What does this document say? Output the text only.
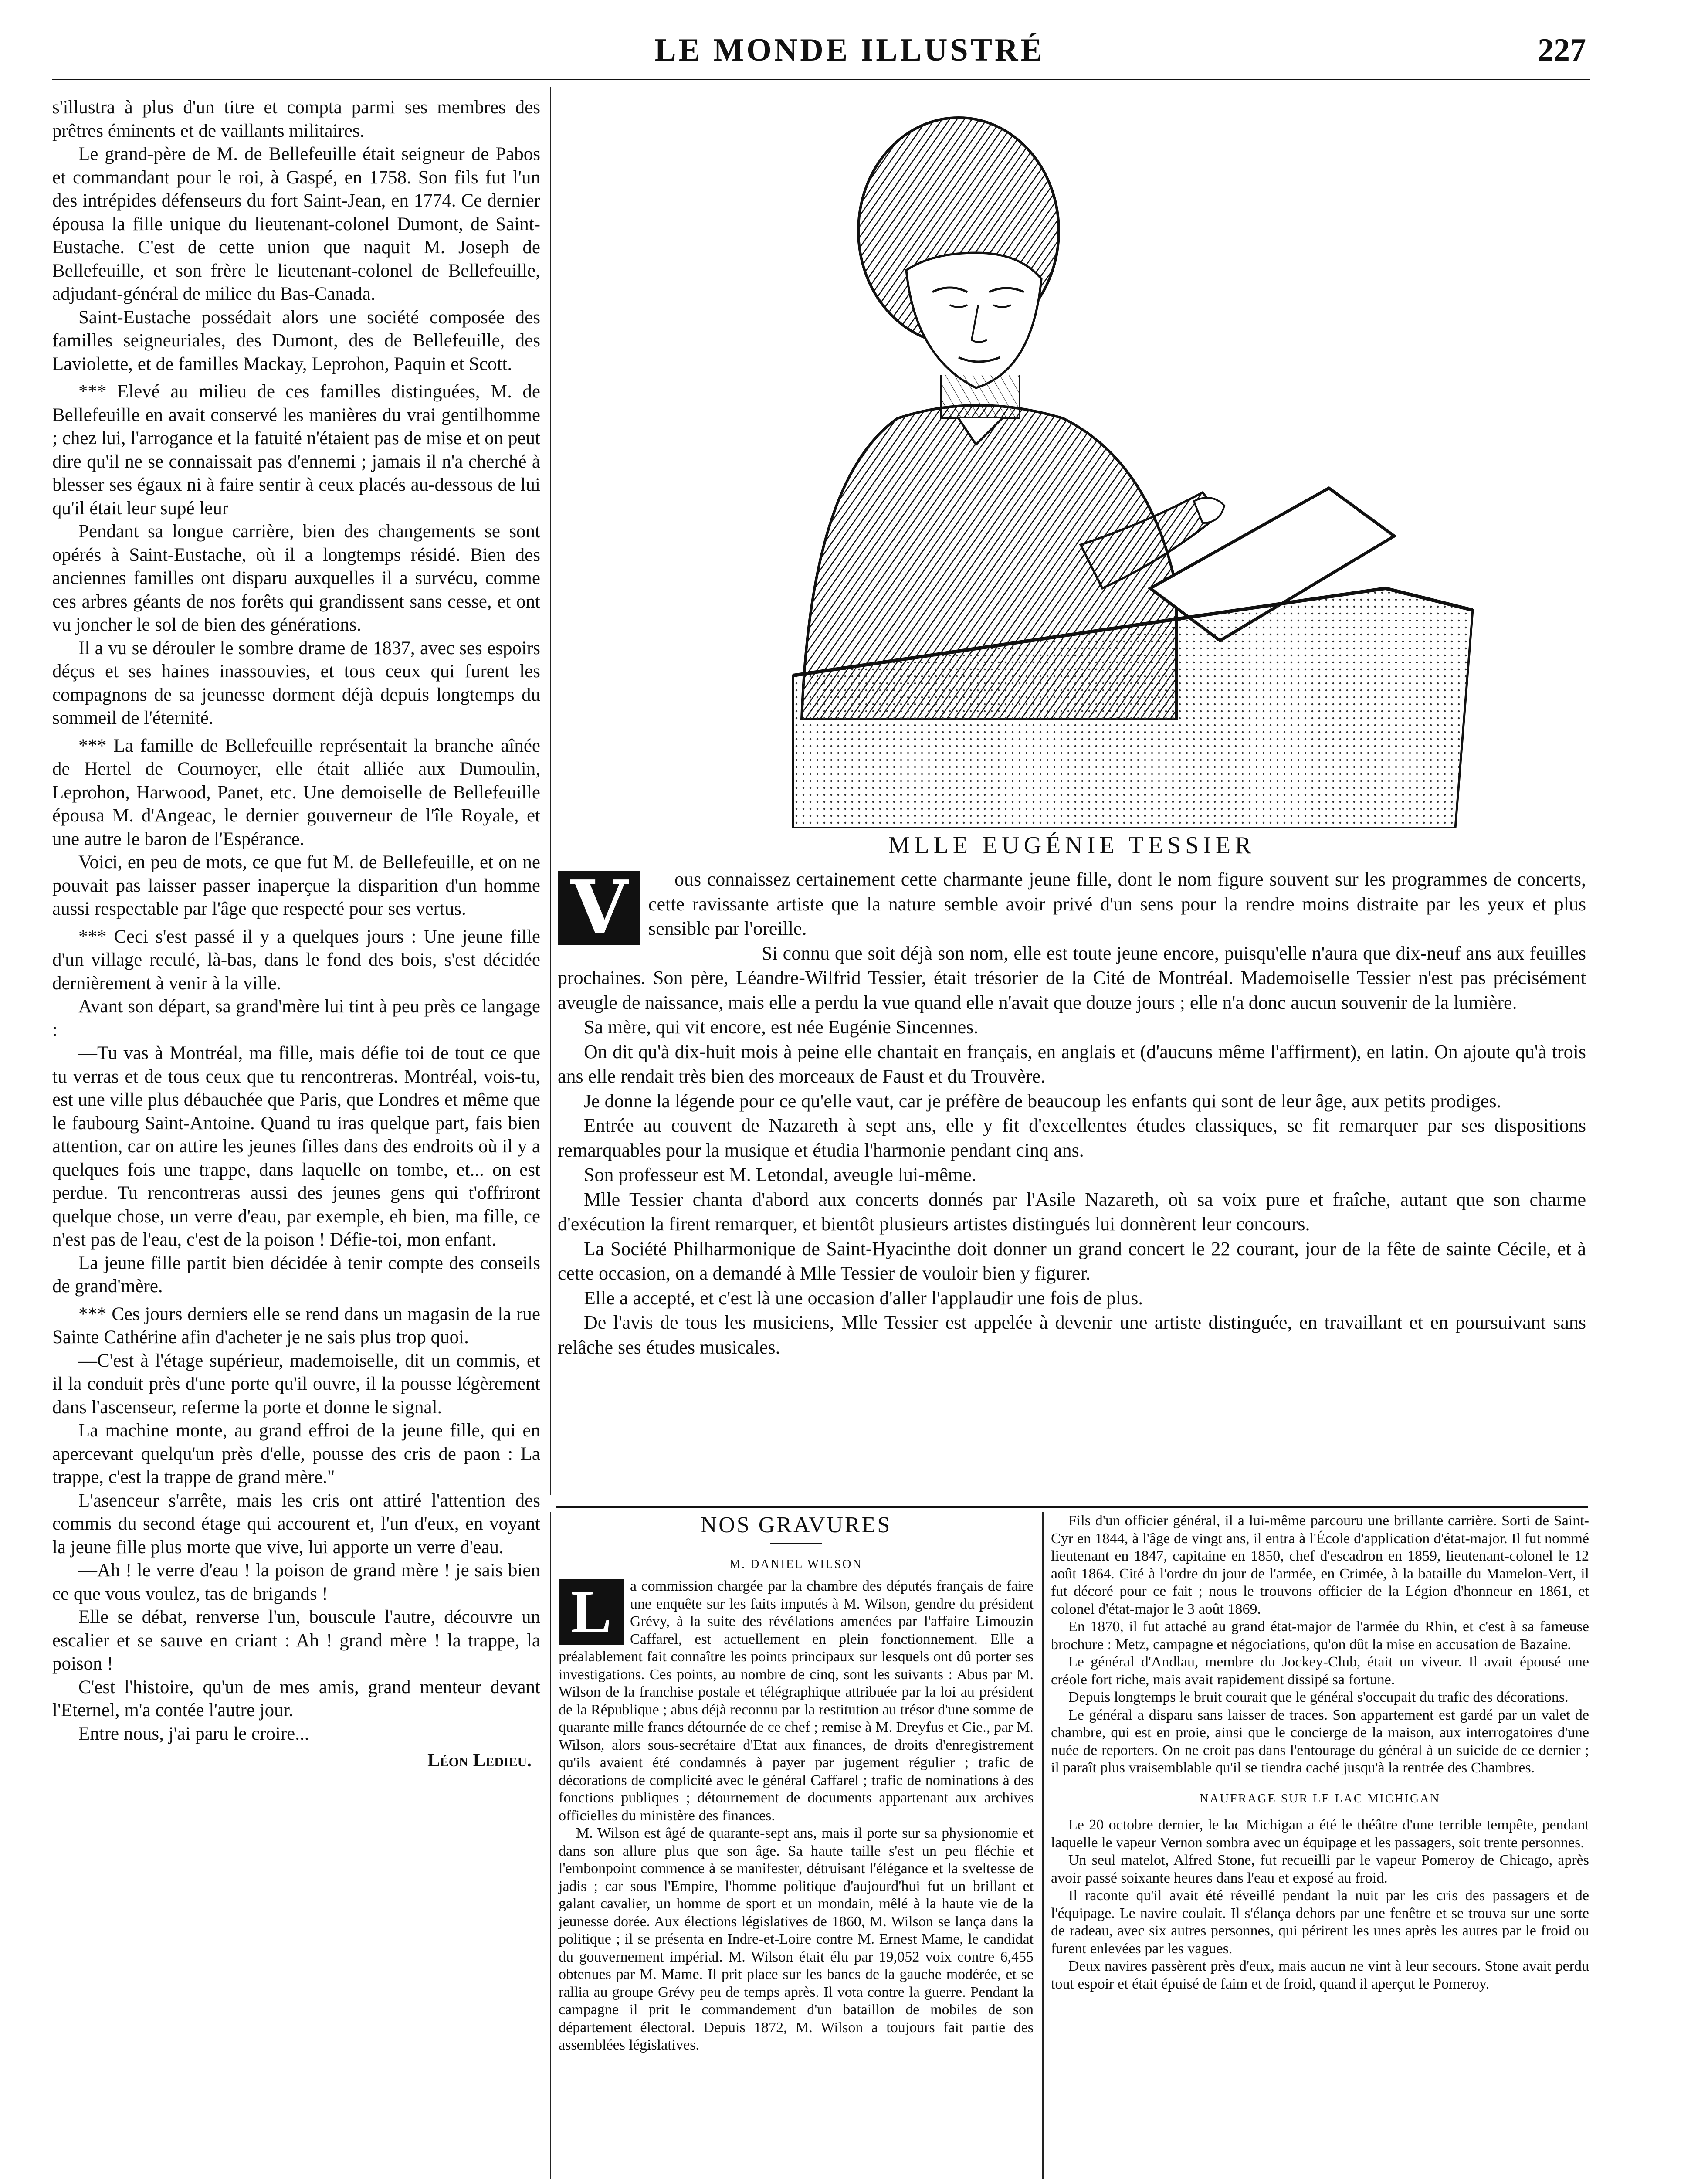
LE MONDE ILLUSTRÉ	227

s'illustra à plus d'un titre et compta parmi ses membres des prêtres éminents et de vaillants militaires.

Le grand-père de M. de Bellefeuille était seigneur de Pabos et commandant pour le roi, à Gaspé, en 1758. Son fils fut l'un des intrépides défenseurs du fort Saint-Jean, en 1774. Ce dernier épousa la fille unique du lieutenant-colonel Dumont, de Saint-Eustache. C'est de cette union que naquit M. Joseph de Bellefeuille, et son frère le lieutenant-colonel de Bellefeuille, adjudant-général de milice du Bas-Canada.

Saint-Eustache possédait alors une société composée des familles seigneuriales, des Dumont, des de Bellefeuille, des Laviolette, et de familles Mackay, Leprohon, Paquin et Scott.

*** Elevé au milieu de ces familles distinguées, M. de Bellefeuille en avait conservé les manières du vrai gentilhomme ; chez lui, l'arrogance et la fatuité n'étaient pas de mise et on peut dire qu'il ne se connaissait pas d'ennemi ; jamais il n'a cherché à blesser ses égaux ni à faire sentir à ceux placés au-dessous de lui qu'il était leur supé leur

Pendant sa longue carrière, bien des changements se sont opérés à Saint-Eustache, où il a longtemps résidé. Bien des anciennes familles ont disparu auxquelles il a survécu, comme ces arbres géants de nos forêts qui grandissent sans cesse, et ont vu joncher le sol de bien des générations.

Il a vu se dérouler le sombre drame de 1837, avec ses espoirs déçus et ses haines inassouvies, et tous ceux qui furent les compagnons de sa jeunesse dorment déjà depuis longtemps du sommeil de l'éternité.

*** La famille de Bellefeuille représentait la branche aînée de Hertel de Cournoyer, elle était alliée aux Dumoulin, Leprohon, Harwood, Panet, etc. Une demoiselle de Bellefeuille épousa M. d'Angeac, le dernier gouverneur de l'île Royale, et une autre le baron de l'Espérance.

Voici, en peu de mots, ce que fut M. de Bellefeuille, et on ne pouvait pas laisser passer inaperçue la disparition d'un homme aussi respectable par l'âge que respecté pour ses vertus.

*** Ceci s'est passé il y a quelques jours : Une jeune fille d'un village reculé, là-bas, dans le fond des bois, s'est décidée dernièrement à venir à la ville.

Avant son départ, sa grand'mère lui tint à peu près ce langage :

—Tu vas à Montréal, ma fille, mais défie toi de tout ce que tu verras et de tous ceux que tu rencontreras. Montréal, vois-tu, est une ville plus débauchée que Paris, que Londres et même que le faubourg Saint-Antoine. Quand tu iras quelque part, fais bien attention, car on attire les jeunes filles dans des endroits où il y a quelques fois une trappe, dans laquelle on tombe, et... on est perdue. Tu rencontreras aussi des jeunes gens qui t'offriront quelque chose, un verre d'eau, par exemple, eh bien, ma fille, ce n'est pas de l'eau, c'est de la poison ! Défie-toi, mon enfant.

La jeune fille partit bien décidée à tenir compte des conseils de grand'mère.

*** Ces jours derniers elle se rend dans un magasin de la rue Sainte Cathérine afin d'acheter je ne sais plus trop quoi.

—C'est à l'étage supérieur, mademoiselle, dit un commis, et il la conduit près d'une porte qu'il ouvre, il la pousse légèrement dans l'ascenseur, referme la porte et donne le signal.

La machine monte, au grand effroi de la jeune fille, qui en apercevant quelqu'un près d'elle, pousse des cris de paon : La trappe, c'est la trappe de grand mère."

L'asenceur s'arrête, mais les cris ont attiré l'attention des commis du second étage qui accourent et, l'un d'eux, en voyant la jeune fille plus morte que vive, lui apporte un verre d'eau.

—Ah ! le verre d'eau ! la poison de grand mère ! je sais bien ce que vous voulez, tas de brigands !

Elle se débat, renverse l'un, bouscule l'autre, découvre un escalier et se sauve en criant : Ah ! grand mère ! la trappe, la poison !

C'est l'histoire, qu'un de mes amis, grand menteur devant l'Eternel, m'a contée l'autre jour.

Entre nous, j'ai paru le croire...

Léon Ledieu.
MLLE EUGÉNIE TESSIER
V	ous connaissez certainement cette charmante jeune fille, dont le nom figure souvent sur les programmes de concerts, cette ravissante artiste que la nature semble avoir privé d'un sens pour la rendre moins distraite par les yeux et plus sensible par l'oreille.

Si connu que soit déjà son nom, elle est toute jeune encore, puisqu'elle n'aura que dix-neuf ans aux feuilles prochaines. Son père, Léandre-Wilfrid Tessier, était trésorier de la Cité de Montréal. Mademoiselle Tessier n'est pas précisément aveugle de naissance, mais elle a perdu la vue quand elle n'avait que douze jours ; elle n'a donc aucun souvenir de la lumière.

Sa mère, qui vit encore, est née Eugénie Sincennes.

On dit qu'à dix-huit mois à peine elle chantait en français, en anglais et (d'aucuns même l'affirment), en latin. On ajoute qu'à trois ans elle rendait très bien des morceaux de Faust et du Trouvère.

Je donne la légende pour ce qu'elle vaut, car je préfère de beaucoup les enfants qui sont de leur âge, aux petits prodiges.

Entrée au couvent de Nazareth à sept ans, elle y fit d'excellentes études classiques, se fit remarquer par ses dispositions remarquables pour la musique et étudia l'harmonie pendant cinq ans.

Son professeur est M. Letondal, aveugle lui-même.

Mlle Tessier chanta d'abord aux concerts donnés par l'Asile Nazareth, où sa voix pure et fraîche, autant que son charme d'exécution la firent remarquer, et bientôt plusieurs artistes distingués lui donnèrent leur concours.

La Société Philharmonique de Saint-Hyacinthe doit donner un grand concert le 22 courant, jour de la fête de sainte Cécile, et à cette occasion, on a demandé à Mlle Tessier de vouloir bien y figurer.

Elle a accepté, et c'est là une occasion d'aller l'applaudir une fois de plus.

De l'avis de tous les musiciens, Mlle Tessier est appelée à devenir une artiste distinguée, en travaillant et en poursuivant sans relâche ses études musicales.

NOS GRAVURES
M. DANIEL WILSON
L	a commission chargée par la chambre des députés français de faire une enquête sur les faits imputés à M. Wilson, gendre du président Grévy, à la suite des révélations amenées par l'affaire Limouzin Caffarel, est actuellement en plein fonctionnement. Elle a préalablement fait connaître les points principaux sur lesquels ont dû porter ses investigations. Ces points, au nombre de cinq, sont les suivants : Abus par M. Wilson de la franchise postale et télégraphique attribuée par la loi au président de la République ; abus déjà reconnu par la restitution au trésor d'une somme de quarante mille francs détournée de ce chef ; remise à M. Dreyfus et Cie., par M. Wilson, alors sous-secrétaire d'Etat aux finances, de droits d'enregistrement qu'ils avaient été condamnés à payer par jugement régulier ; trafic de décorations de complicité avec le général Caffarel ; trafic de nominations à des fonctions publiques ; détournement de documents appartenant aux archives officielles du ministère des finances.

M. Wilson est âgé de quarante-sept ans, mais il porte sur sa physionomie et dans son allure plus que son âge. Sa haute taille s'est un peu fléchie et l'embonpoint commence à se manifester, détruisant l'élégance et la sveltesse de jadis ; car sous l'Empire, l'homme politique d'aujourd'hui fut un brillant et galant cavalier, un homme de sport et un mondain, mêlé à la haute vie de la jeunesse dorée. Aux élections législatives de 1860, M. Wilson se lança dans la politique ; il se présenta en Indre-et-Loire contre M. Ernest Mame, le candidat du gouvernement impérial. M. Wilson était élu par 19,052 voix contre 6,455 obtenues par M. Mame. Il prit place sur les bancs de la gauche modérée, et se rallia au groupe Grévy peu de temps après. Il vota contre la guerre. Pendant la campagne il prit le commandement d'un bataillon de mobiles de son département électoral. Depuis 1872, M. Wilson a toujours fait partie des assemblées législatives.

Fils d'un officier général, il a lui-même parcouru une brillante carrière. Sorti de Saint-Cyr en 1844, à l'âge de vingt ans, il entra à l'École d'application d'état-major. Il fut nommé lieutenant en 1847, capitaine en 1850, chef d'escadron en 1859, lieutenant-colonel le 12 août 1864. Cité à l'ordre du jour de l'armée, en Crimée, à la bataille du Mamelon-Vert, il fut décoré pour ce fait ; nous le trouvons officier de la Légion d'honneur en 1861, et colonel d'état-major le 3 août 1869.

En 1870, il fut attaché au grand état-major de l'armée du Rhin, et c'est à sa fameuse brochure : Metz, campagne et négociations, qu'on dût la mise en accusation de Bazaine.

Le général d'Andlau, membre du Jockey-Club, était un viveur. Il avait épousé une créole fort riche, mais avait rapidement dissipé sa fortune.

Depuis longtemps le bruit courait que le général s'occupait du trafic des décorations.

Le général a disparu sans laisser de traces. Son appartement est gardé par un valet de chambre, qui est en proie, ainsi que le concierge de la maison, aux interrogatoires d'une nuée de reporters. On ne croit pas dans l'entourage du général à un suicide de ce dernier ; il paraît plus vraisemblable qu'il se tiendra caché jusqu'à la rentrée des Chambres.

NAUFRAGE SUR LE LAC MICHIGAN

Le 20 octobre dernier, le lac Michigan a été le théâtre d'une terrible tempête, pendant laquelle le vapeur Vernon sombra avec un équipage et les passagers, soit trente personnes.

Un seul matelot, Alfred Stone, fut recueilli par le vapeur Pomeroy de Chicago, après avoir passé soixante heures dans l'eau et exposé au froid.

Il raconte qu'il avait été réveillé pendant la nuit par les cris des passagers et de l'équipage. Le navire coulait. Il s'élança dehors par une fenêtre et se trouva sur une sorte de radeau, avec six autres personnes, qui périrent les unes après les autres par le froid ou furent enlevées par les vagues.

Deux navires passèrent près d'eux, mais aucun ne vint à leur secours. Stone avait perdu tout espoir et était épuisé de faim et de froid, quand il aperçut le Pomeroy.
